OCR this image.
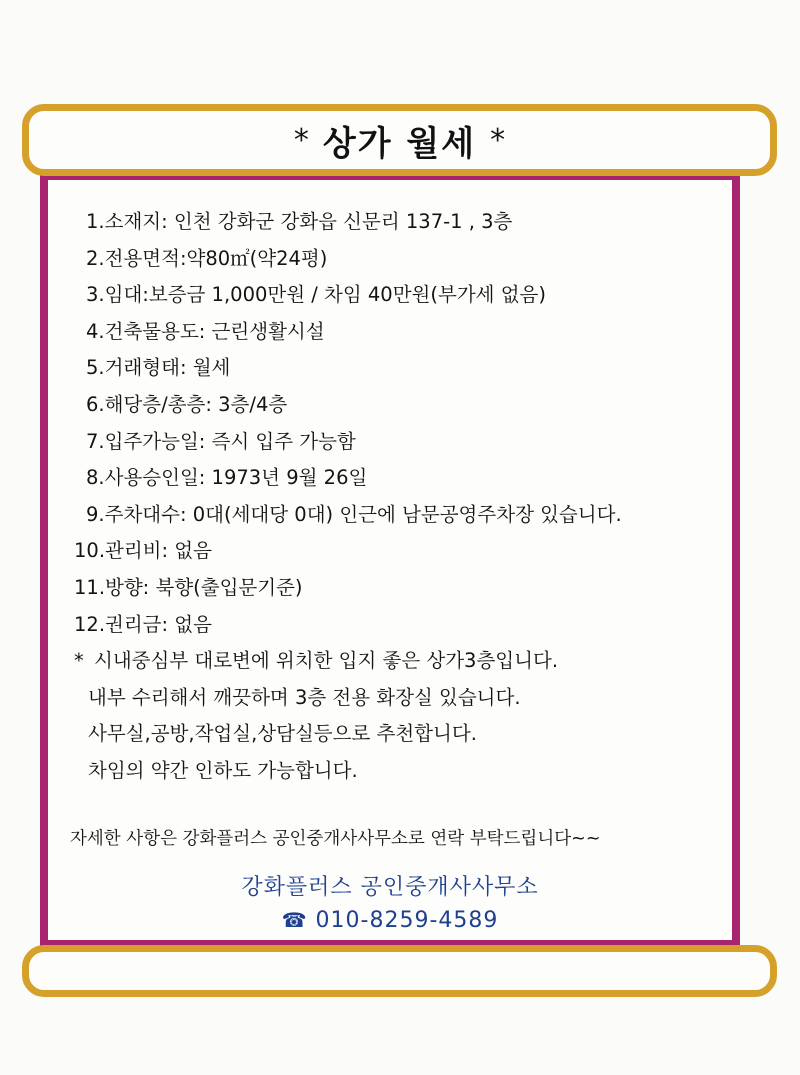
1.소재지: 인천 강화군 강화읍 신문리 137-1 , 3층
2.전용면적:약80㎡(약24평)
3.임대:보증금 1,000만원 / 차임 40만원(부가세 없음)
4.건축물용도: 근린생활시설
5.거래형태: 월세
6.해당층/총층: 3층/4층
7.입주가능일: 즉시 입주 가능함
8.사용승인일: 1973년 9월 26일
9.주차대수: 0대(세대당 0대) 인근에 남문공영주차장 있습니다.
10.관리비: 없음
11.방향: 북향(출입문기준)
12.권리금: 없음
* 시내중심부 대로변에 위치한 입지 좋은 상가3층입니다.
내부 수리해서 깨끗하며 3층 전용 화장실 있습니다.
사무실,공방,작업실,상담실등으로 추천합니다.
차임의 약간 인하도 가능합니다.
자세한 사항은 강화플러스 공인중개사사무소로 연락 부탁드립니다~~
강화플러스 공인중개사사무소
☎ 010-8259-4589
* 상가 월세 *
